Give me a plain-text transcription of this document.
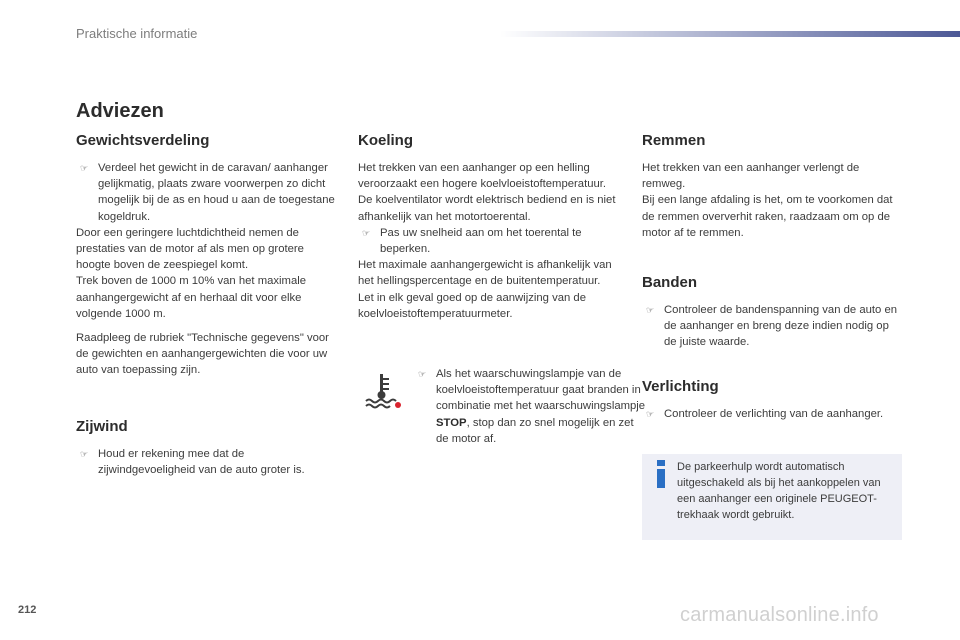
Praktische informatie
Adviezen
Gewichtsverdeling

☞ Verdeel het gewicht in de caravan/ aanhanger gelijkmatig, plaats zware voorwerpen zo dicht mogelijk bij de as en houd u aan de toegestane kogeldruk.

Door een geringere luchtdichtheid nemen de prestaties van de motor af als men op grotere hoogte boven de zeespiegel komt.

Trek boven de 1000 m 10% van het maximale aanhangergewicht af en herhaal dit voor elke volgende 1000 m.

Raadpleeg de rubriek "Technische gegevens" voor de gewichten en aanhangergewichten die voor uw auto van toepassing zijn.

Zijwind

☞ Houd er rekening mee dat de zijwindgevoeligheid van de auto groter is.

Koeling

Het trekken van een aanhanger op een helling veroorzaakt een hogere koelvloeistoftemperatuur.

De koelventilator wordt elektrisch bediend en is niet afhankelijk van het motortoerental.

☞ Pas uw snelheid aan om het toerental te beperken.

Het maximale aanhangergewicht is afhankelijk van het hellingspercentage en de buitentemperatuur.

Let in elk geval goed op de aanwijzing van de koelvloeistoftemperatuurmeter.

☞ Als het waarschuwingslampje van de koelvloeistoftemperatuur gaat branden in combinatie met het waarschuwingslampje STOP, stop dan zo snel mogelijk en zet de motor af.

Remmen

Het trekken van een aanhanger verlengt de remweg.

Bij een lange afdaling is het, om te voorkomen dat de remmen oververhit raken, raadzaam om op de motor af te remmen.

Banden

☞ Controleer de bandenspanning van de auto en de aanhanger en breng deze indien nodig op de juiste waarde.

Verlichting

☞ Controleer de verlichting van de aanhanger.

De parkeerhulp wordt automatisch uitgeschakeld als bij het aankoppelen van een aanhanger een originele PEUGEOT-trekhaak wordt gebruikt.
212	carmanualsonline.info
